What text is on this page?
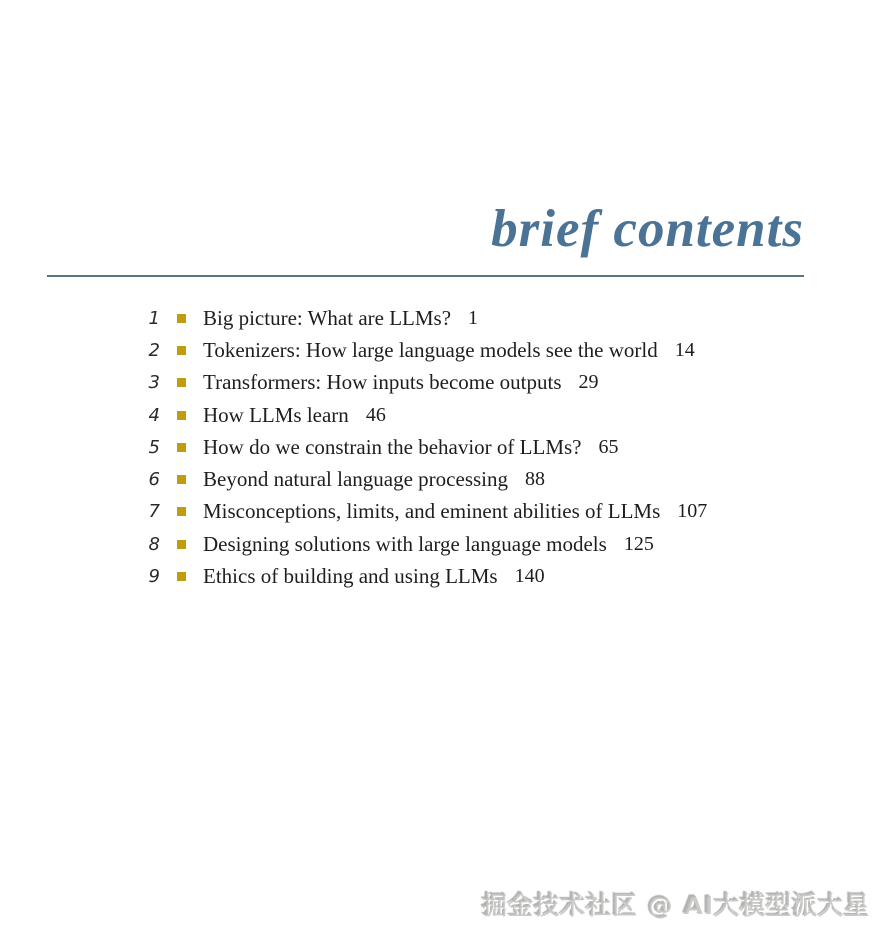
brief contents
1 Big picture: What are LLMs? 1
2 Tokenizers: How large language models see the world 14
3 Transformers: How inputs become outputs 29
4 How LLMs learn 46
5 How do we constrain the behavior of LLMs? 65
6 Beyond natural language processing 88
7 Misconceptions, limits, and eminent abilities of LLMs 107
8 Designing solutions with large language models 125
9 Ethics of building and using LLMs 140
掘金技术社区 @ AI大模型派大星
